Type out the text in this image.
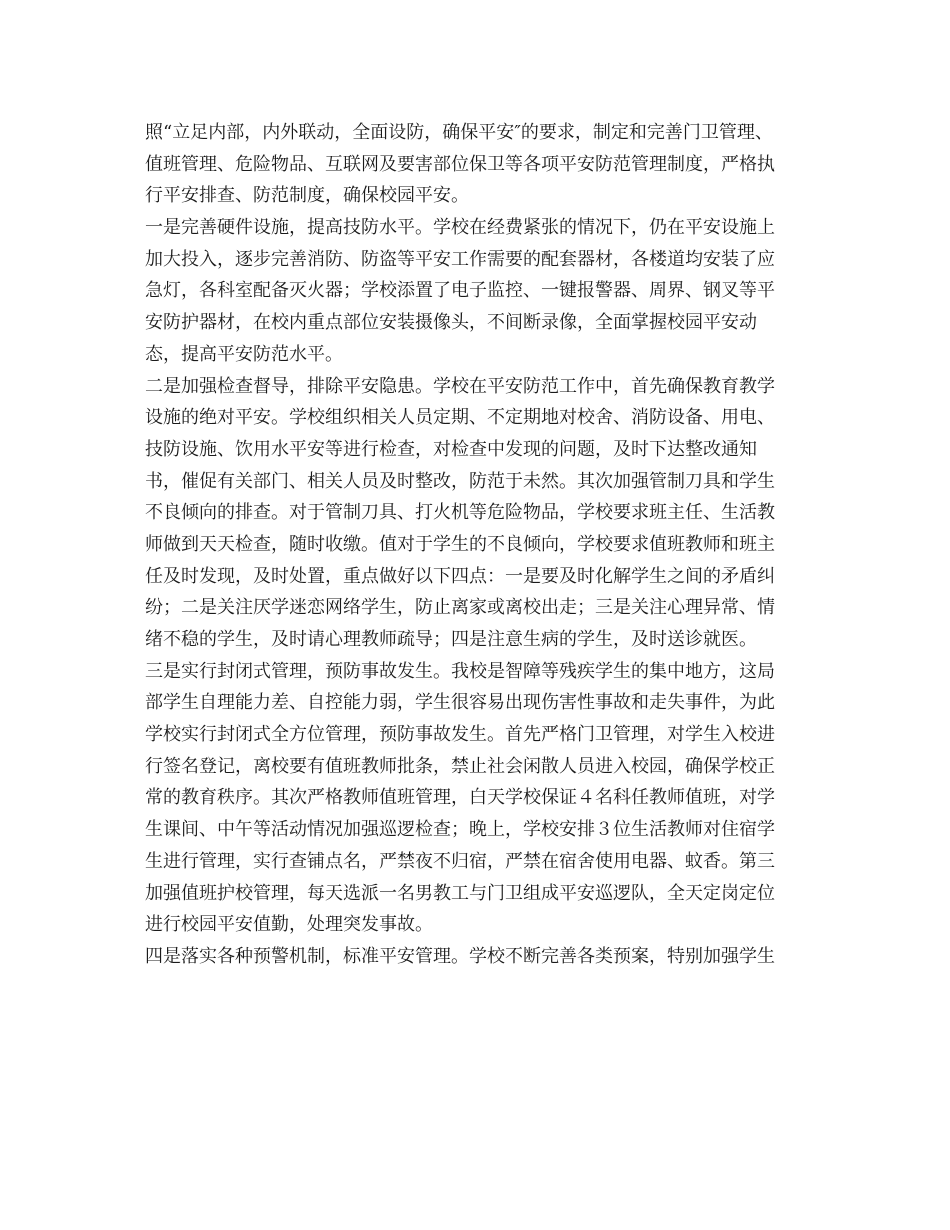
照“立足内部，内外联动，全面设防，确保平安″的要求，制定和完善门卫管理、
值班管理、危险物品、互联网及要害部位保卫等各项平安防范管理制度，严格执
行平安排查、防范制度，确保校园平安。
一是完善硬件设施，提高技防水平。学校在经费紧张的情况下，仍在平安设施上
加大投入，逐步完善消防、防盗等平安工作需要的配套器材，各楼道均安装了应
急灯，各科室配备灭火器；学校添置了电子监控、一键报警器、周界、钢叉等平
安防护器材，在校内重点部位安装摄像头，不间断录像，全面掌握校园平安动
态，提高平安防范水平。
二是加强检查督导，排除平安隐患。学校在平安防范工作中，首先确保教育教学
设施的绝对平安。学校组织相关人员定期、不定期地对校舍、消防设备、用电、
技防设施、饮用水平安等进行检查，对检查中发现的问题，及时下达整改通知
书，催促有关部门、相关人员及时整改，防范于未然。其次加强管制刀具和学生
不良倾向的排查。对于管制刀具、打火机等危险物品，学校要求班主任、生活教
师做到天天检查，随时收缴。值对于学生的不良倾向，学校要求值班教师和班主
任及时发现，及时处置，重点做好以下四点：一是要及时化解学生之间的矛盾纠
纷；二是关注厌学迷恋网络学生，防止离家或离校出走；三是关注心理异常、情
绪不稳的学生，及时请心理教师疏导；四是注意生病的学生，及时送诊就医。
三是实行封闭式管理，预防事故发生。我校是智障等残疾学生的集中地方，这局
部学生自理能力差、自控能力弱，学生很容易出现伤害性事故和走失事件，为此
学校实行封闭式全方位管理，预防事故发生。首先严格门卫管理，对学生入校进
行签名登记，离校要有值班教师批条，禁止社会闲散人员进入校园，确保学校正
常的教育秩序。其次严格教师值班管理，白天学校保证４名科任教师值班，对学
生课间、中午等活动情况加强巡逻检查；晚上，学校安排３位生活教师对住宿学
生进行管理，实行查铺点名，严禁夜不归宿，严禁在宿舍使用电器、蚊香。第三
加强值班护校管理，每天选派一名男教工与门卫组成平安巡逻队，全天定岗定位
进行校园平安值勤，处理突发事故。
四是落实各种预警机制，标准平安管理。学校不断完善各类预案，特别加强学生
